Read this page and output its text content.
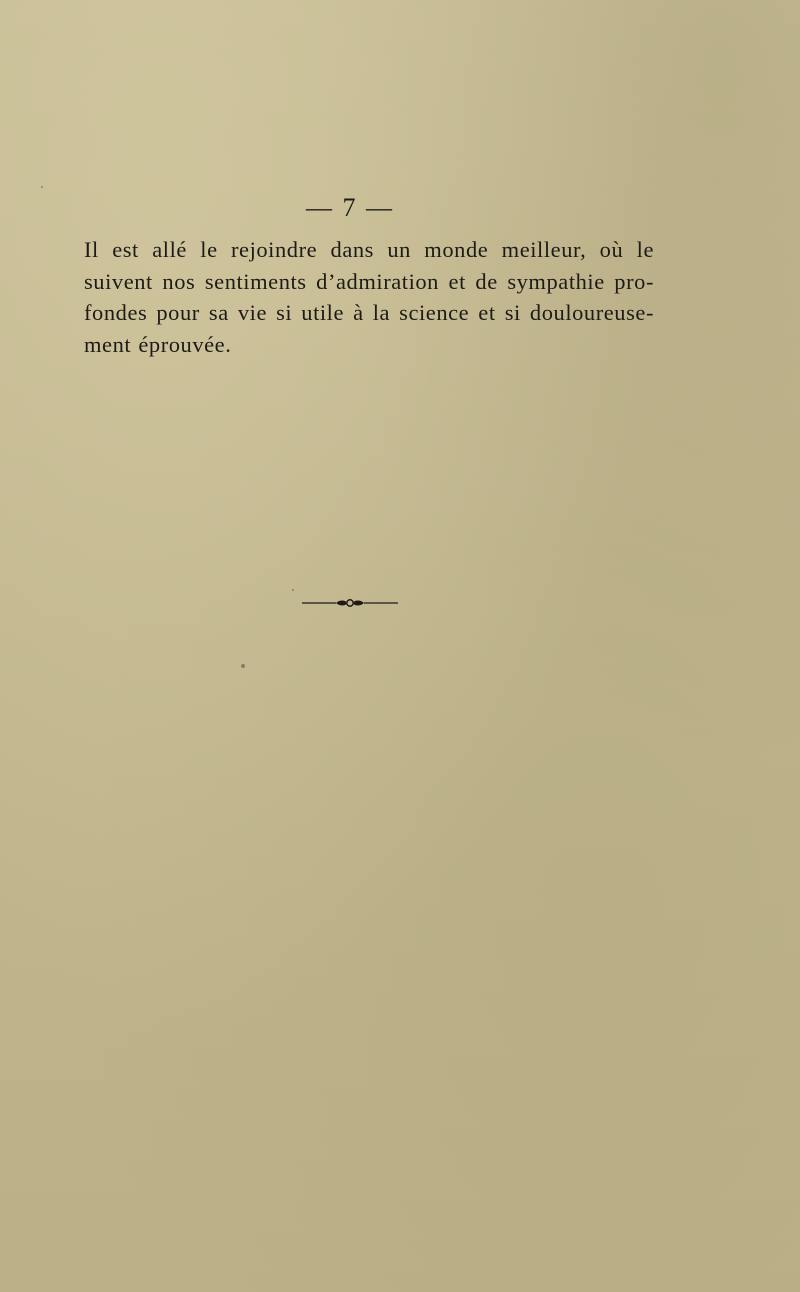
— 7 —

Il est allé le rejoindre dans un monde meilleur, où le
suivent nos sentiments d’admiration et de sympathie pro-
fondes pour sa vie si utile à la science et si douloureuse-
ment éprouvée.
